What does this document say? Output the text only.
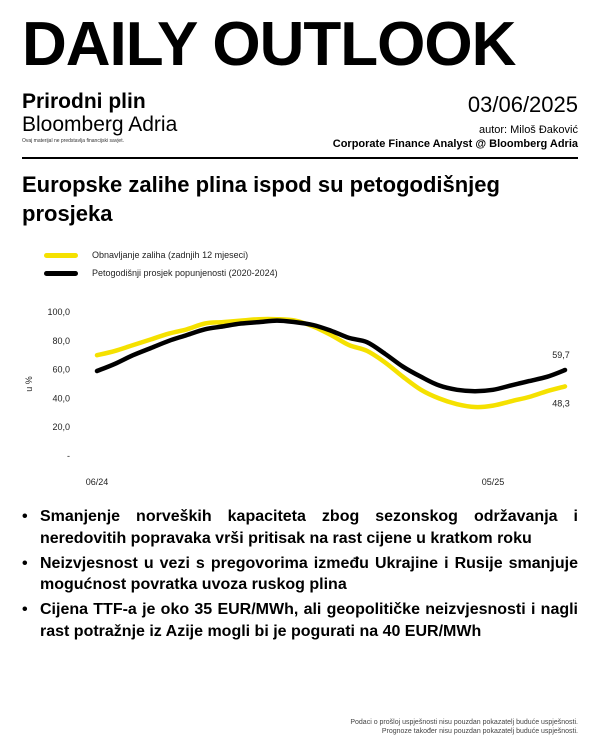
DAILY OUTLOOK
Prirodni plin
Bloomberg Adria
Ovaj materijal ne predstavlja financijski savjet.
03/06/2025
autor: Miloš Đaković
Corporate Finance Analyst @ Bloomberg Adria
Europske zalihe plina ispod su petogodišnjeg prosjeka
Obnavljanje zaliha (zadnjih 12 mjeseci)
Petogodišnji prosjek popunjenosti (2020-2024)
100,0
80,0
60,0
40,0
20,0
-
u %
06/24	05/25
59,7
48,3
• Smanjenje norveških kapaciteta zbog sezonskog održavanja i neredovitih popravaka vrši pritisak na rast cijene u kratkom roku
• Neizvjesnost u vezi s pregovorima između Ukrajine i Rusije smanjuje mogućnost povratka uvoza ruskog plina
• Cijena TTF-a je oko 35 EUR/MWh, ali geopolitičke neizvjesnosti i nagli rast potražnje iz Azije mogli bi je pogurati na 40 EUR/MWh
Podaci o prošloj uspješnosti nisu pouzdan pokazatelj buduće uspješnosti.
Prognoze također nisu pouzdan pokazatelj buduće uspješnosti.
